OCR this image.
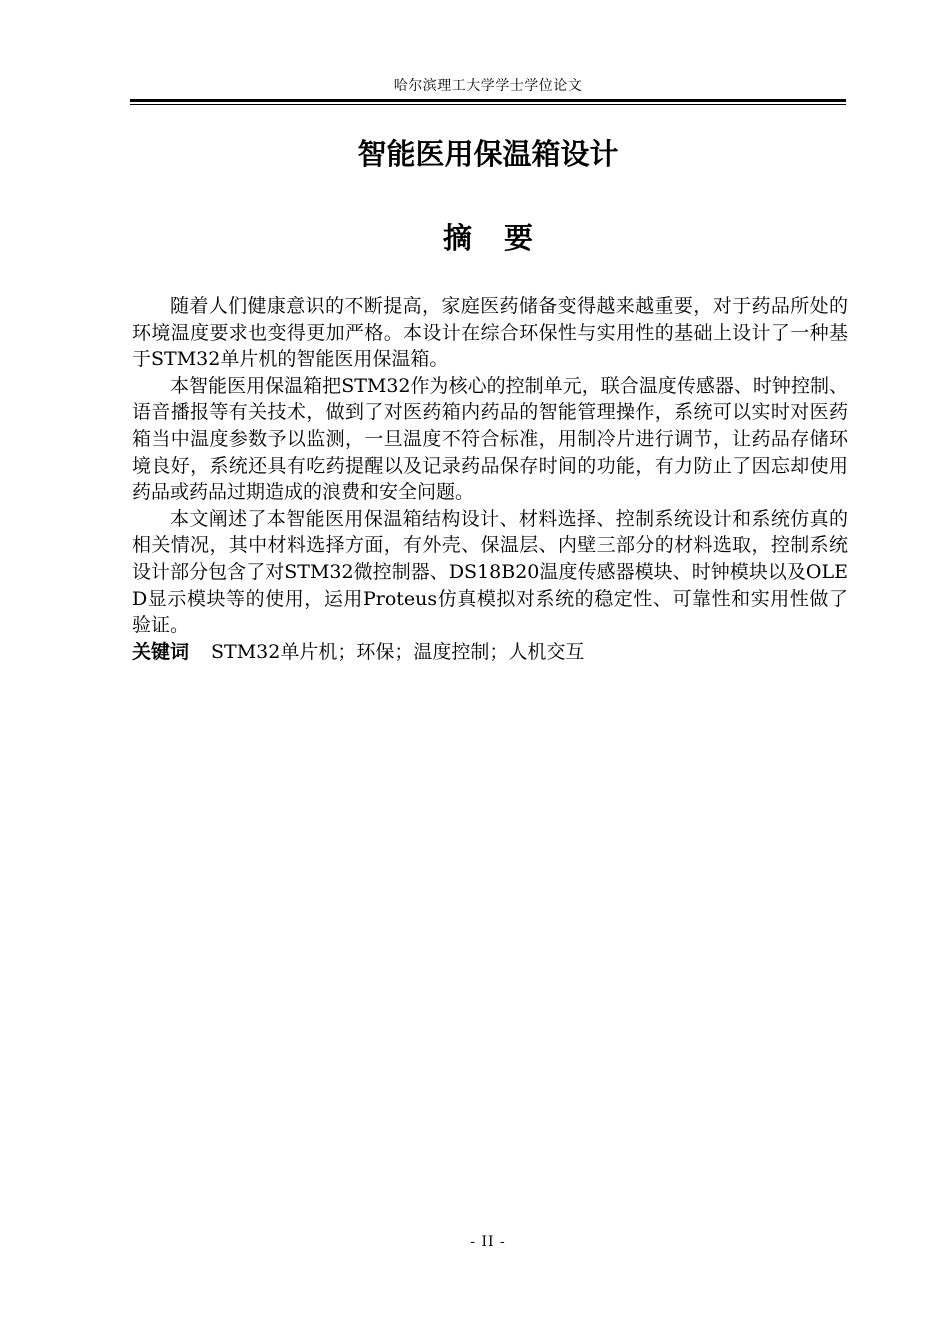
哈尔滨理工大学学士学位论文
智能医用保温箱设计
摘要

随着人们健康意识的不断提高，家庭医药储备变得越来越重要，对于药品所处的环境温度要求也变得更加严格。本设计在综合环保性与实用性的基础上设计了一种基于STM32单片机的智能医用保温箱。

本智能医用保温箱把STM32作为核心的控制单元，联合温度传感器、时钟控制、语音播报等有关技术，做到了对医药箱内药品的智能管理操作，系统可以实时对医药箱当中温度参数予以监测，一旦温度不符合标准，用制冷片进行调节，让药品存储环境良好，系统还具有吃药提醒以及记录药品保存时间的功能，有力防止了因忘却使用药品或药品过期造成的浪费和安全问题。

本文阐述了本智能医用保温箱结构设计、材料选择、控制系统设计和系统仿真的相关情况，其中材料选择方面，有外壳、保温层、内壁三部分的材料选取，控制系统设计部分包含了对STM32微控制器、DS18B20温度传感器模块、时钟模块以及OLED显示模块等的使用，运用Proteus仿真模拟对系统的稳定性、可靠性和实用性做了验证。

关键词 STM32单片机；环保；温度控制；人机交互
- II -
